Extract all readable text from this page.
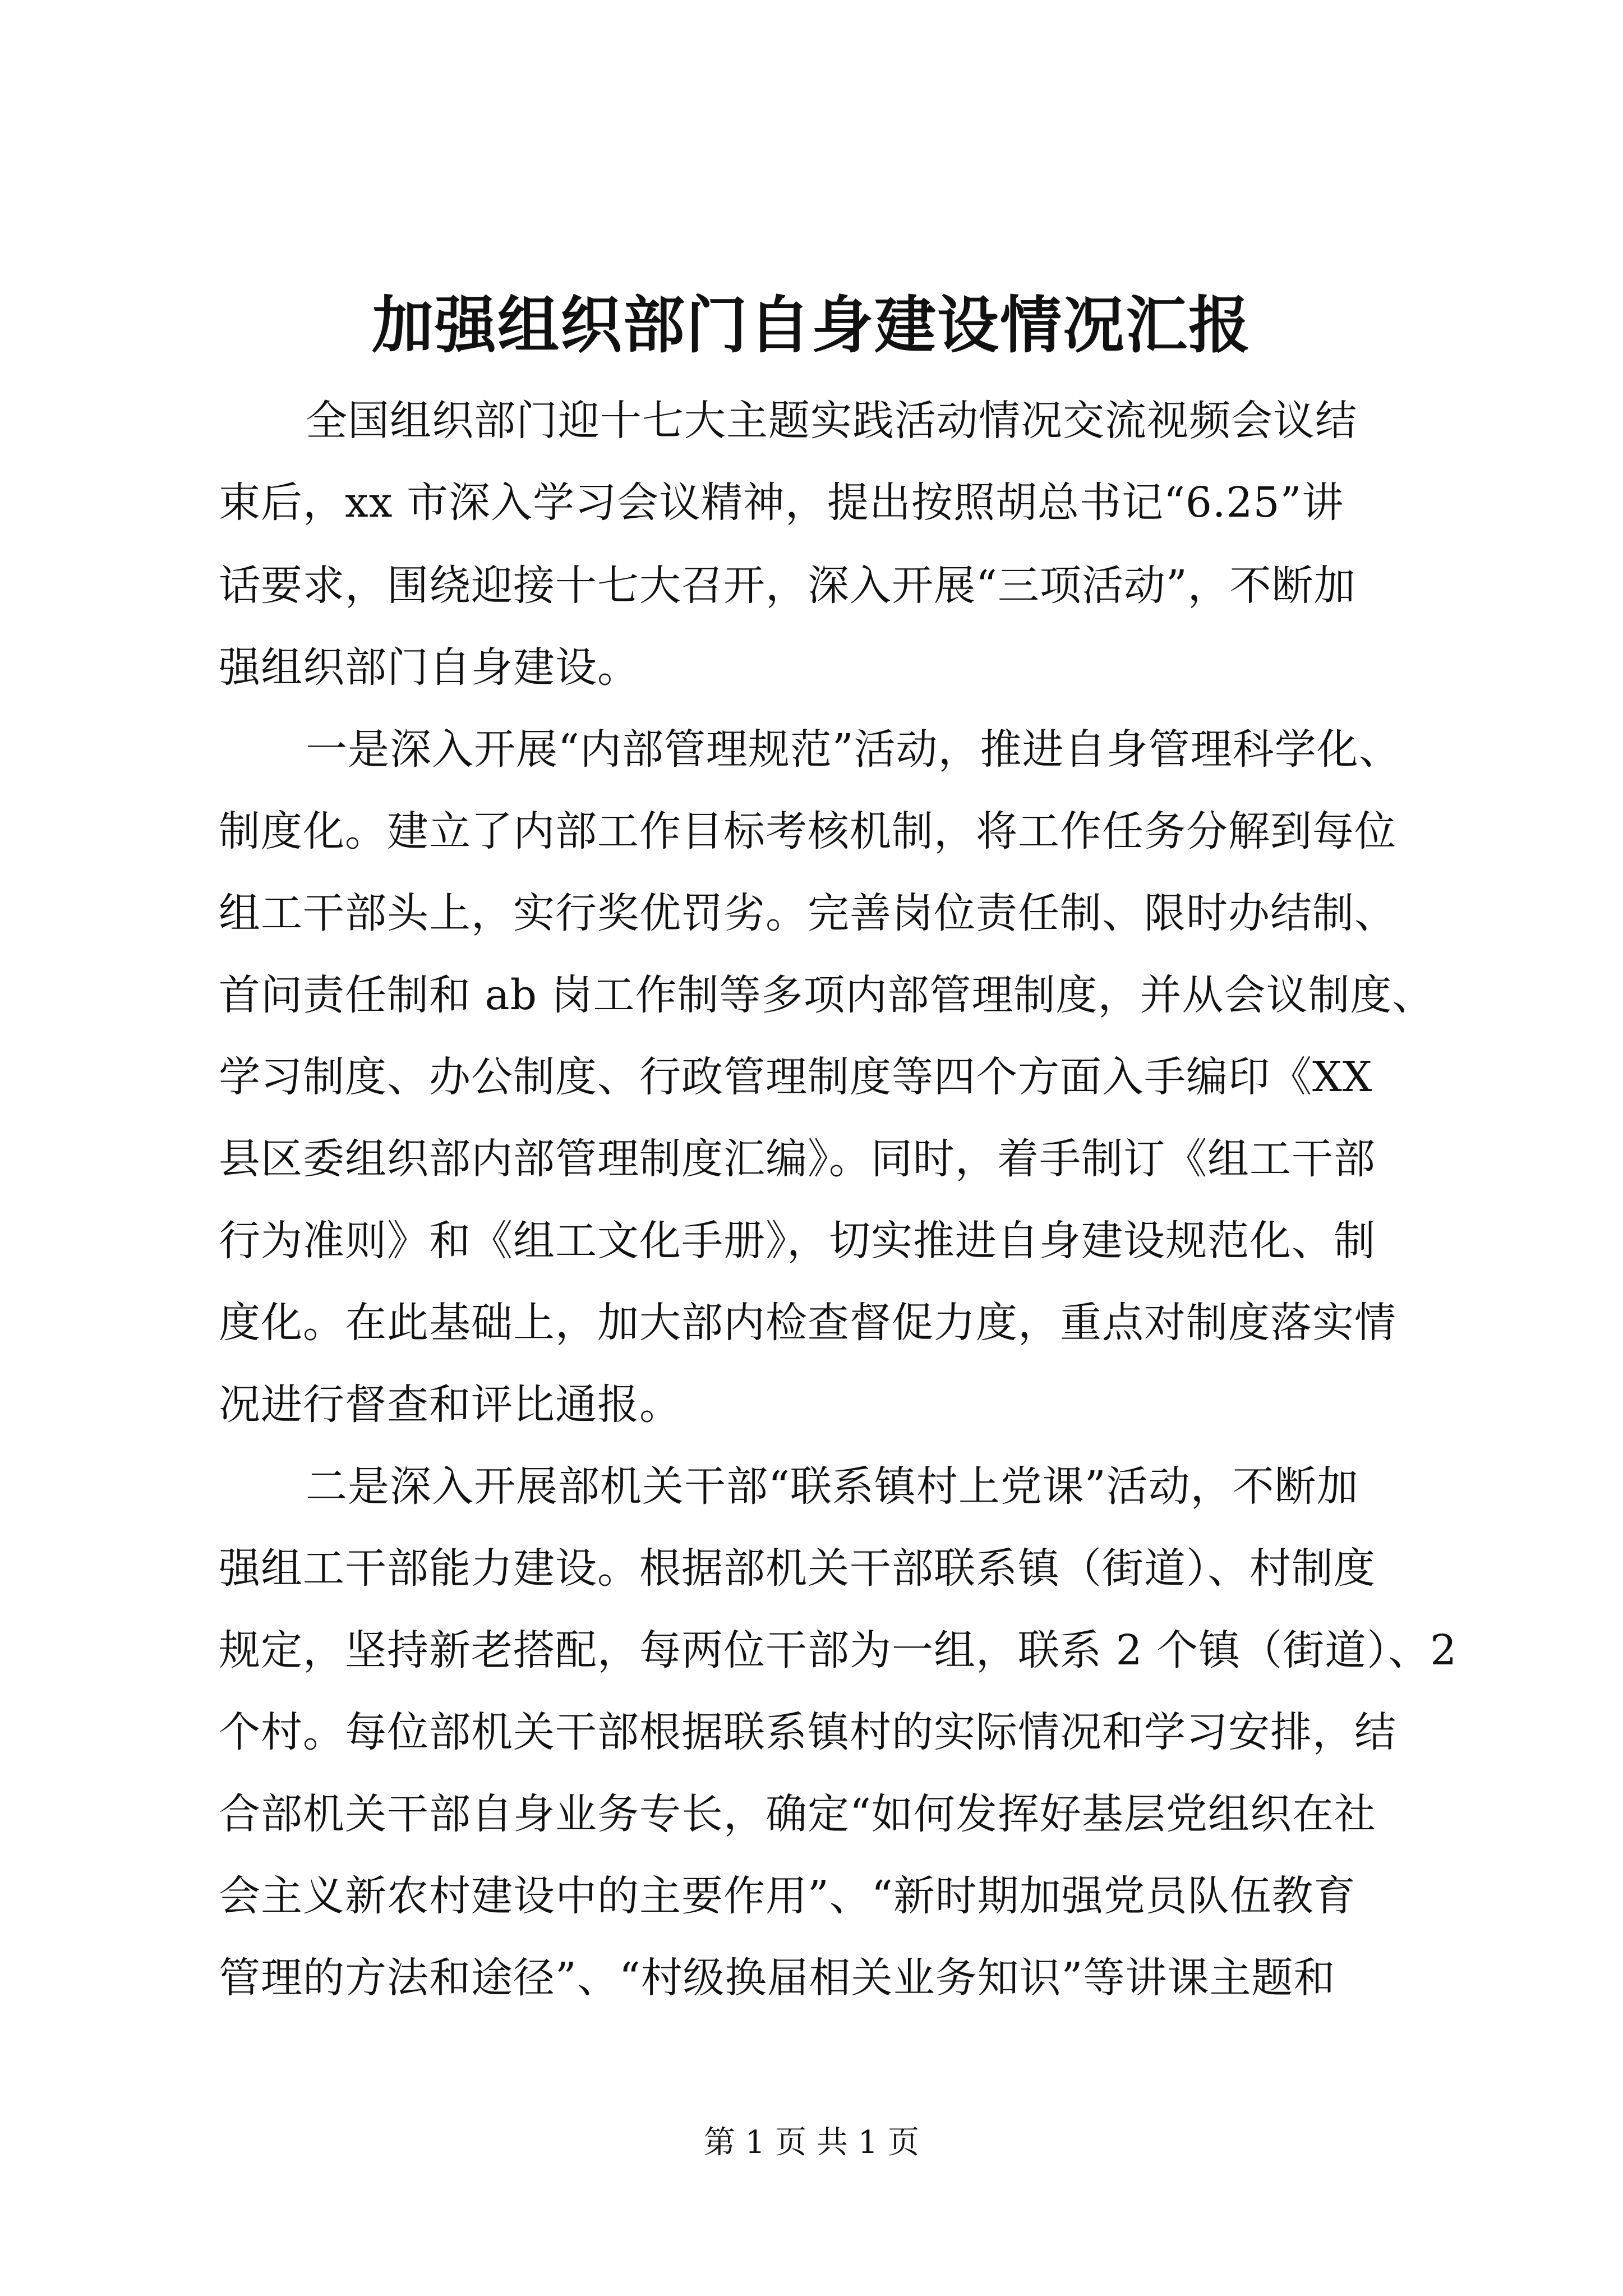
加强组织部门自身建设情况汇报
全国组织部门迎十七大主题实践活动情况交流视频会议结
束后，xx 市深入学习会议精神，提出按照胡总书记“6.25”讲
话要求，围绕迎接十七大召开，深入开展“三项活动”，不断加
强组织部门自身建设。
一是深入开展“内部管理规范”活动，推进自身管理科学化、
制度化。建立了内部工作目标考核机制，将工作任务分解到每位
组工干部头上，实行奖优罚劣。完善岗位责任制、限时办结制、
首问责任制和 ab 岗工作制等多项内部管理制度，并从会议制度、
学习制度、办公制度、行政管理制度等四个方面入手编印《XX
县区委组织部内部管理制度汇编》。同时，着手制订《组工干部
行为准则》和《组工文化手册》，切实推进自身建设规范化、制
度化。在此基础上，加大部内检查督促力度，重点对制度落实情
况进行督查和评比通报。
二是深入开展部机关干部“联系镇村上党课”活动，不断加
强组工干部能力建设。根据部机关干部联系镇（街道）、村制度
规定，坚持新老搭配，每两位干部为一组，联系 2 个镇（街道）、2
个村。每位部机关干部根据联系镇村的实际情况和学习安排，结
合部机关干部自身业务专长，确定“如何发挥好基层党组织在社
会主义新农村建设中的主要作用”、“新时期加强党员队伍教育
管理的方法和途径”、“村级换届相关业务知识”等讲课主题和
第 1 页 共 1 页
